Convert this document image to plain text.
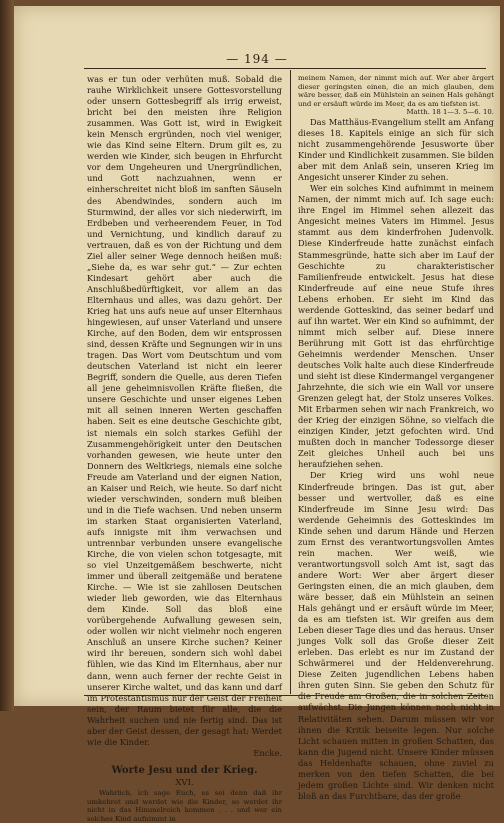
— 194 —

was er tun oder verhüten muß. Sobald die rauhe Wirklichkeit unsere Gottesvorstellung oder unsern Gottesbegriff als irrig erweist, bricht bei den meisten ihre Religion zusammen. Was Gott ist, wird in Ewigkeit kein Mensch ergründen, noch viel weniger, wie das Kind seine Eltern. Drum gilt es, zu werden wie Kinder, sich beugen in Ehrfurcht vor dem Ungeheuren und Unergründlichen, und Gott nachzuahnen, wenn er einherschreitet nicht bloß im sanften Säuseln des Abendwindes, sondern auch im Sturmwind, der alles vor sich niederwirft, im Erdbeben und verheerendem Feuer, in Tod und Vernichtung, und kindlich darauf zu vertrauen, daß es von der Richtung und dem Ziel aller seiner Wege dennoch heißen muß: „Siehe da, es war sehr gut.“ — Zur echten Kindesart gehört aber auch die Anschlußbedürftigkeit, vor allem an das Elternhaus und alles, was dazu gehört. Der Krieg hat uns aufs neue auf unser Elternhaus hingewiesen, auf unser Vaterland und unsere Kirche, auf den Boden, dem wir entsprossen sind, dessen Kräfte und Segnungen wir in uns tragen. Das Wort vom Deutschtum und vom deutschen Vaterland ist nicht ein leerer Begriff, sondern die Quelle, aus deren Tiefen all jene geheimnisvollen Kräfte fließen, die unsere Geschichte und unser eigenes Leben mit all seinen inneren Werten geschaffen haben. Seit es eine deutsche Geschichte gibt, ist niemals ein solch starkes Gefühl der Zusammengehörigkeit unter den Deutschen vorhanden gewesen, wie heute unter den Donnern des Weltkriegs, niemals eine solche Freude am Vaterland und der eignen Nation, an Kaiser und Reich, wie heute. So darf nicht wieder verschwinden, sondern muß bleiben und in die Tiefe wachsen. Und neben unserm im starken Staat organisierten Vaterland, aufs innigste mit ihm verwachsen und untrennbar verbunden unsere evangelische Kirche, die von vielen schon totgesagte, mit so viel Unzeitgemäßem beschwerte, nicht immer und überall zeitgemäße und beratene Kirche. — Wie ist sie zahllosen Deutschen wieder lieb geworden, wie das Elternhaus dem Kinde. Soll das bloß eine vorübergehende Aufwallung gewesen sein, oder wollen wir nicht vielmehr noch engeren Anschluß an unsere Kirche suchen? Keiner wird ihr bereuen, sondern sich wohl dabei fühlen, wie das Kind im Elternhaus, aber nur dann, wenn auch ferner der rechte Geist in unserer Kirche waltet, und das kann und darf im Protestantismus nur der Geist der Freiheit sein, der Raum bietet für alle, die die Wahrheit suchen und nie fertig sind. Das ist aber der Geist dessen, der gesagt hat: Werdet wie die Kinder.

Encke.

Worte Jesu und der Krieg.
XVI.

Wahrlich, ich sage Euch, es sei denn daß ihr umkehret und werdet wie die Kinder, so werdet ihr nicht in das Himmelreich kommen . . . und wer ein solches Kind aufnimmt in

meinem Namen, der nimmt mich auf. Wer aber ärgert dieser geringsten einen, die an mich glauben, dem wäre besser, daß ein Mühlstein an seinen Hals gehängt und er ersäuft würde im Meer, da es am tiefsten ist.

Matth. 18 1—3. 5—6. 10.

Das Matthäus-Evangelium stellt am Anfang dieses 18. Kapitels einige an sich für sich nicht zusammengehörende Jesusworte über Kinder und Kindlichkeit zusammen. Sie bilden aber mit dem Anlaß sein, unseren Krieg im Angesicht unserer Kinder zu sehen.

Wer ein solches Kind aufnimmt in meinem Namen, der nimmt mich auf. Ich sage euch: ihre Engel im Himmel sehen allezeit das Angesicht meines Vaters im Himmel. Jesus stammt aus dem kinderfrohen Judenvolk. Diese Kinderfreude hatte zunächst einfach Stammesgründe, hatte sich aber im Lauf der Geschichte zu charakteristischer Familienfreude entwickelt. Jesus hat diese Kinderfreude auf eine neue Stufe ihres Lebens erhoben. Er sieht im Kind das werdende Gotteskind, das seiner bedarf und auf ihn wartet. Wer ein Kind so aufnimmt, der nimmt mich selber auf. Diese innere Berührung mit Gott ist das ehrfürchtige Geheimnis werdender Menschen. Unser deutsches Volk halte auch diese Kinderfreude und sieht ist diese Kindermangel vergangener Jahrzehnte, die sich wie ein Wall vor unsere Grenzen gelegt hat, der Stolz unseres Volkes. Mit Erbarmen sehen wir nach Frankreich, wo der Krieg der einzigen Söhne, so vielfach die einzigen Kinder, jetzt gefochten wird. Und mußten doch in mancher Todessorge dieser Zeit gleiches Unheil auch bei uns heraufziehen sehen.

Der Krieg wird uns wohl neue Kinderfreude bringen. Das ist gut, aber besser und wertvoller, daß es eine Kinderfreude im Sinne Jesu wird: Das werdende Geheimnis des Gotteskindes im Kinde sehen und darum Hände und Herzen zum Ernst des verantwortungsvollen Amtes rein machen. Wer weiß, wie verantwortungsvoll solch Amt ist, sagt das andere Wort: Wer aber ärgert dieser Geringsten einen, die an mich glauben, dem wäre besser, daß ein Mühlstein an seinen Hals gehängt und er ersäuft würde im Meer, da es am tiefsten ist. Wir greifen aus dem Leben dieser Tage dies und das heraus. Unser junges Volk soll das Große dieser Zeit erleben. Das erlebt es nur im Zustand der Schwärmerei und der Heldenverehrung. Diese Zeiten jugendlichen Lebens haben ihren guten Sinn. Sie geben den Schutz für die Freude am Großen, die in solchen Zeiten aufwächst. Die Jungen können noch nicht in Relativitäten sehen. Darum müssen wir vor ihnen die Kritik beiseite legen. Nur solche Licht schauen mitten in großen Schatten, das kann die Jugend nicht. Unsere Kinder müssen das Heldenhafte schauen, ohne zuviel zu merken von den tiefen Schatten, die bei jedem großen Lichte sind. Wir denken nicht bloß an das Furchtbare, das der große
